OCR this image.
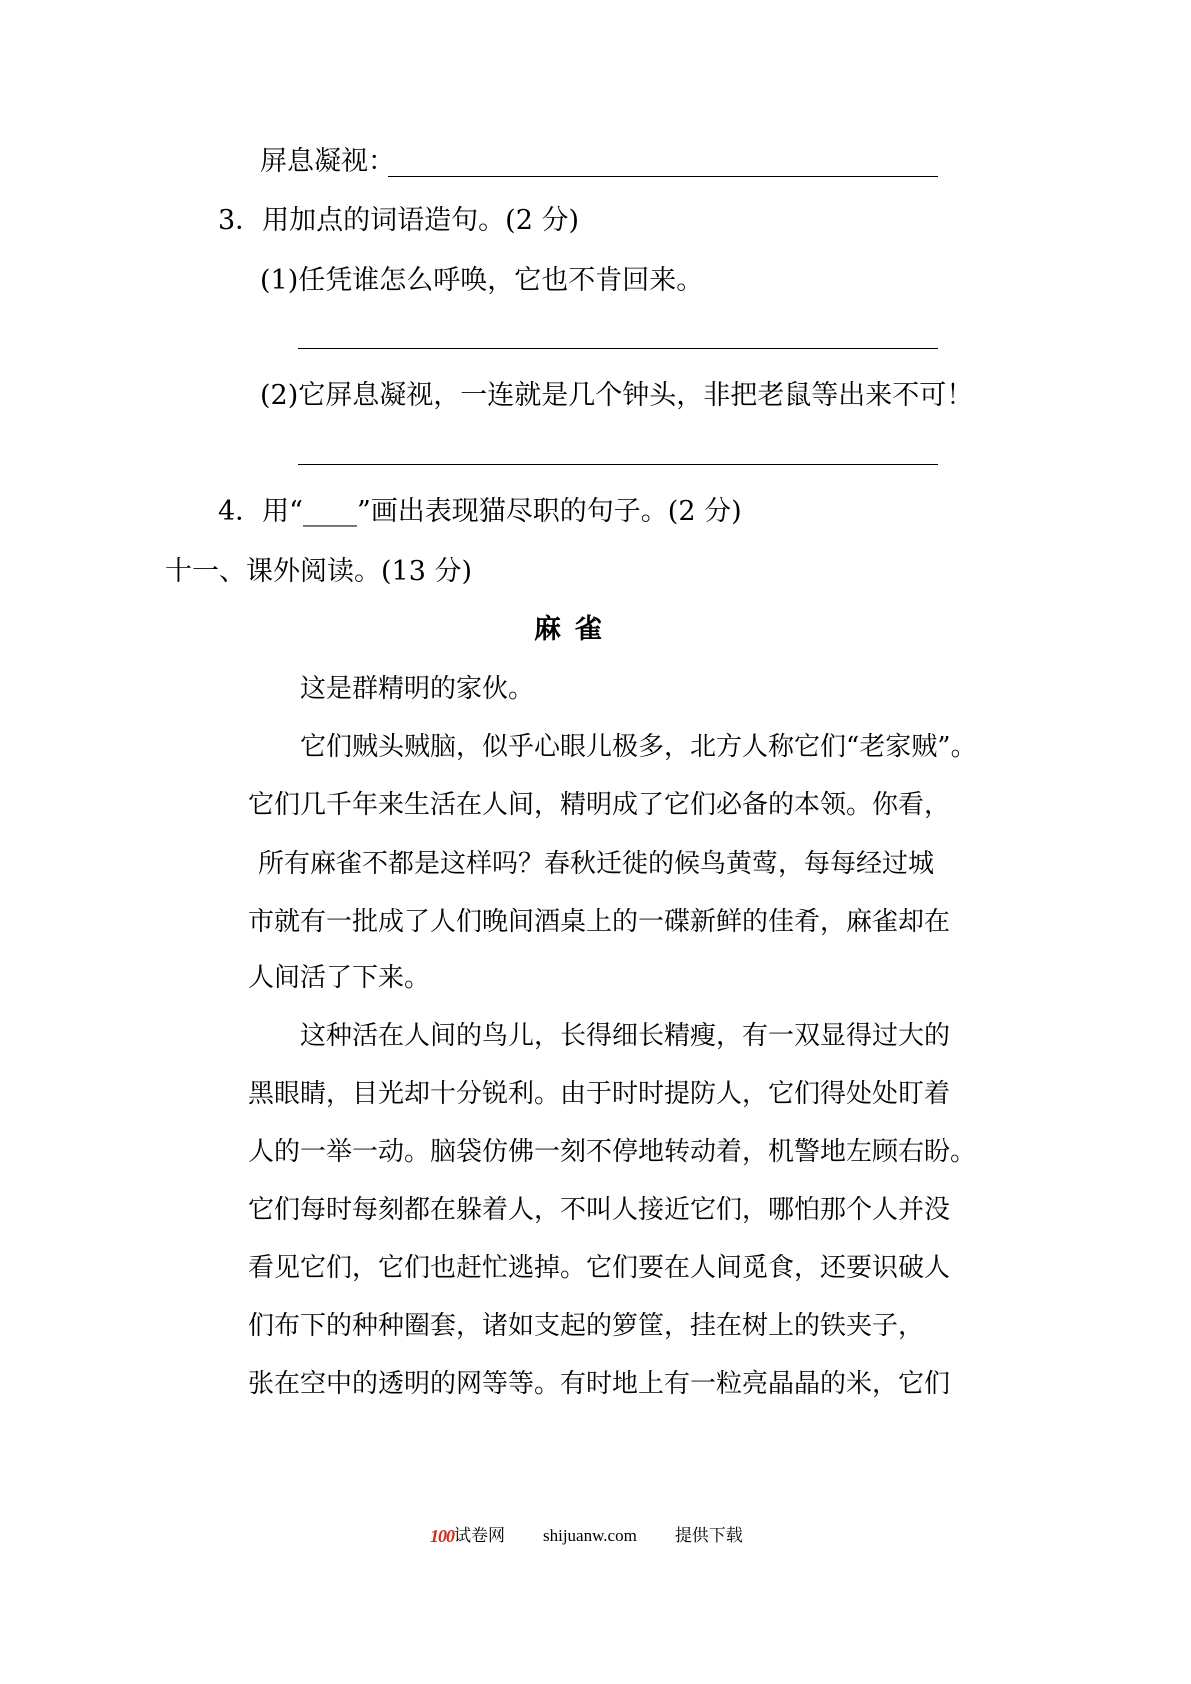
屏息凝视：
3．用加点的词语造句。(2 分)
(1)任凭谁怎么呼唤，它也不肯回来。
(2)它屏息凝视，一连就是几个钟头，非把老鼠等出来不可！
4．用“____”画出表现猫尽职的句子。(2 分)
十一、课外阅读。(13 分)
麻雀
这是群精明的家伙。
它们贼头贼脑，似乎心眼儿极多，北方人称它们“老家贼”。
它们几千年来生活在人间，精明成了它们必备的本领。你看，
所有麻雀不都是这样吗？春秋迁徙的候鸟黄莺，每每经过城
市就有一批成了人们晚间酒桌上的一碟新鲜的佳肴，麻雀却在
人间活了下来。
这种活在人间的鸟儿，长得细长精瘦，有一双显得过大的
黑眼睛，目光却十分锐利。由于时时提防人，它们得处处盯着
人的一举一动。脑袋仿佛一刻不停地转动着，机警地左顾右盼。
它们每时每刻都在躲着人，不叫人接近它们，哪怕那个人并没
看见它们，它们也赶忙逃掉。它们要在人间觅食，还要识破人
们布下的种种圈套，诸如支起的箩筐，挂在树上的铁夹子，
张在空中的透明的网等等。有时地上有一粒亮晶晶的米，它们
100试卷网 shijuanw.com 提供下载
